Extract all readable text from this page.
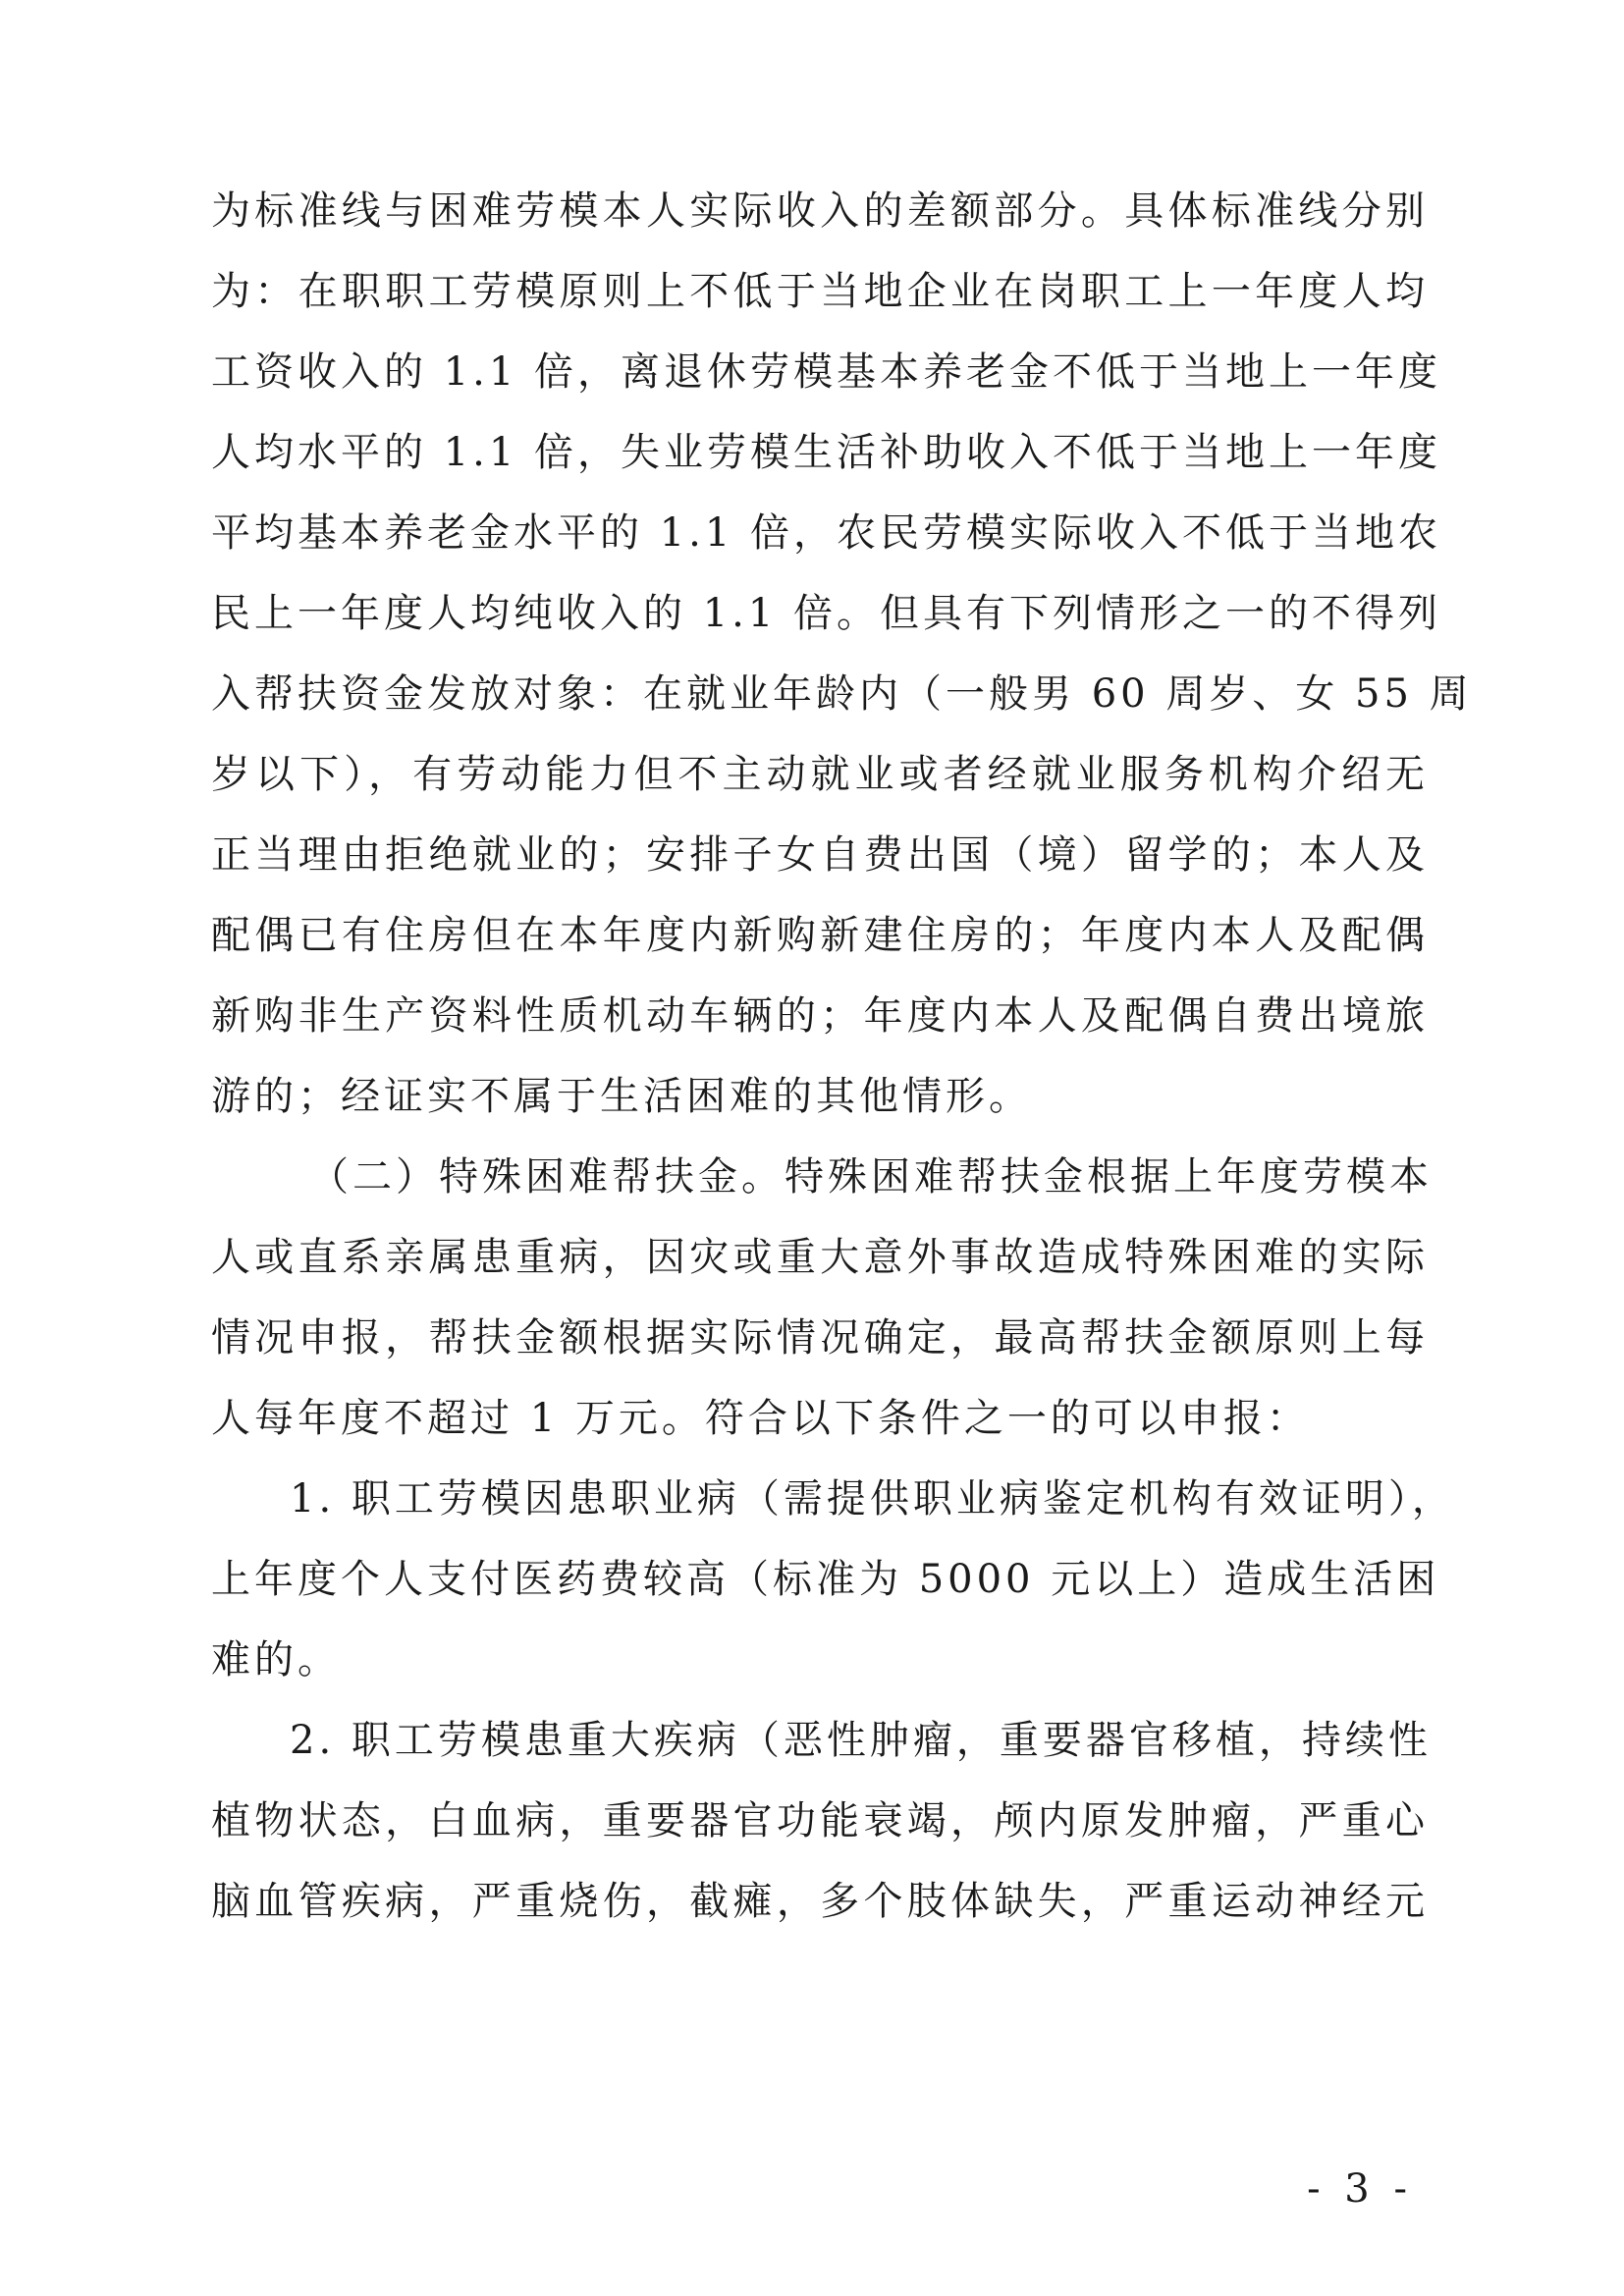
为标准线与困难劳模本人实际收入的差额部分。具体标准线分别
为：在职职工劳模原则上不低于当地企业在岗职工上一年度人均
工资收入的 1.1 倍，离退休劳模基本养老金不低于当地上一年度
人均水平的 1.1 倍，失业劳模生活补助收入不低于当地上一年度
平均基本养老金水平的 1.1 倍，农民劳模实际收入不低于当地农
民上一年度人均纯收入的 1.1 倍。但具有下列情形之一的不得列
入帮扶资金发放对象：在就业年龄内（一般男 60 周岁、女 55 周
岁以下），有劳动能力但不主动就业或者经就业服务机构介绍无
正当理由拒绝就业的；安排子女自费出国（境）留学的；本人及
配偶已有住房但在本年度内新购新建住房的；年度内本人及配偶
新购非生产资料性质机动车辆的；年度内本人及配偶自费出境旅
游的；经证实不属于生活困难的其他情形。
（二）特殊困难帮扶金。特殊困难帮扶金根据上年度劳模本
人或直系亲属患重病，因灾或重大意外事故造成特殊困难的实际
情况申报，帮扶金额根据实际情况确定，最高帮扶金额原则上每
人每年度不超过 1 万元。符合以下条件之一的可以申报：
1. 职工劳模因患职业病（需提供职业病鉴定机构有效证明），
上年度个人支付医药费较高（标准为 5000 元以上）造成生活困
难的。
2. 职工劳模患重大疾病（恶性肿瘤，重要器官移植，持续性
植物状态，白血病，重要器官功能衰竭，颅内原发肿瘤，严重心
脑血管疾病，严重烧伤，截瘫，多个肢体缺失，严重运动神经元
- 3 -
